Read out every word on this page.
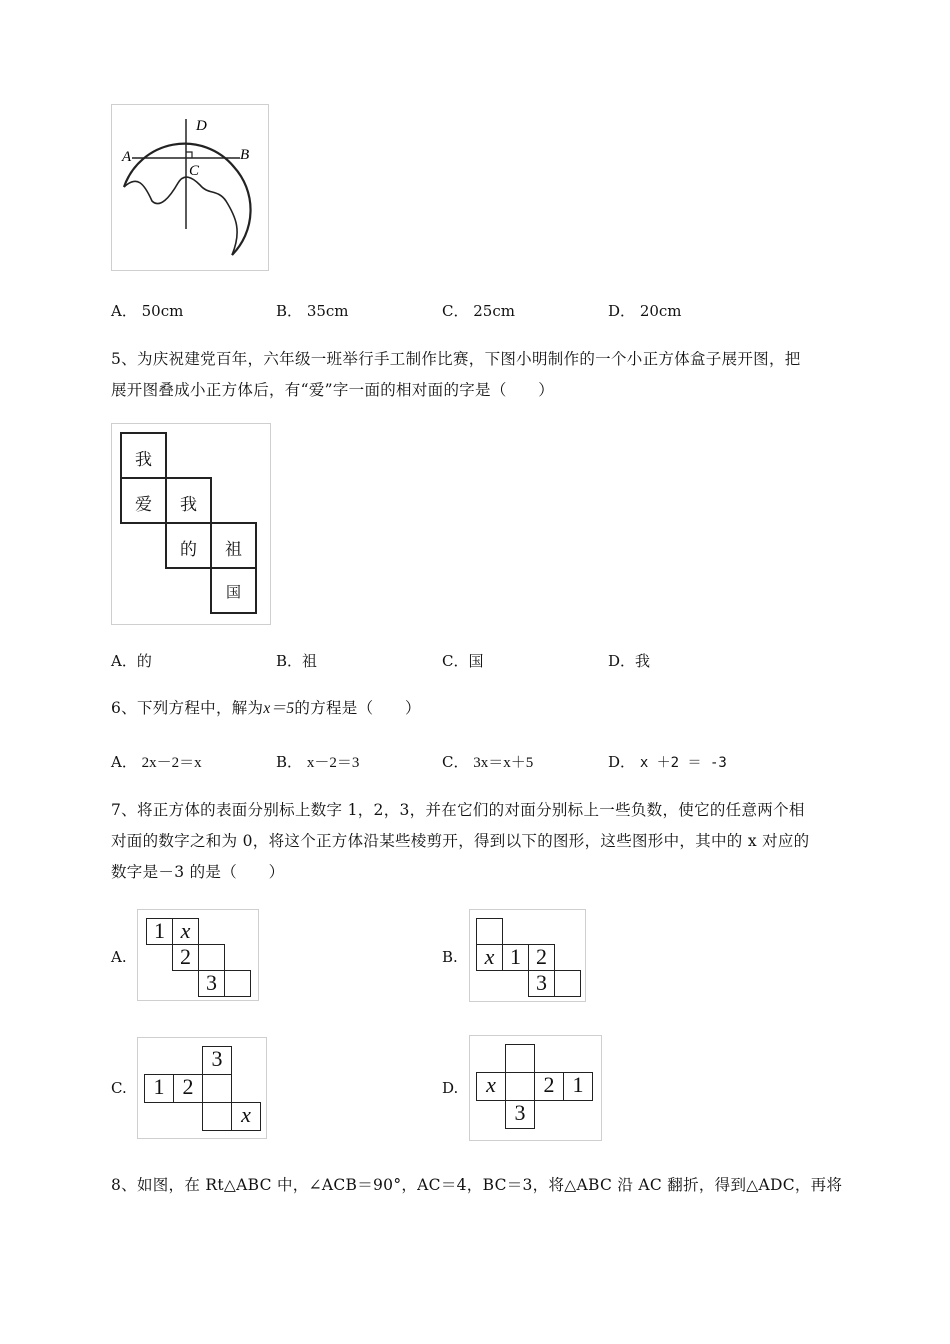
A	B
C
D
A． 50cm	B． 35cm	C． 25cm	D． 20cm
5、为庆祝建党百年，六年级一班举行手工制作比赛，下图小明制作的一个小正方体盒子展开图，把
展开图叠成小正方体后，有“爱”字一面的相对面的字是（　　）
我
爱	我
的	祖
国
A．的	B．祖	C．国	D．我
6、下列方程中，解为x＝5的方程是（　　）
A． 2x－2＝x	B． x－2＝3	C． 3x＝x＋5	D． x ＋2 ＝ -3
7、将正方体的表面分别标上数字 1，2，3，并在它们的对面分别标上一些负数，使它的任意两个相
对面的数字之和为 0，将这个正方体沿某些棱剪开，得到以下的图形，这些图形中，其中的 x 对应的
数字是－3 的是（　　）
A.
1 x
2
3
B.	x 1 2
3
C.
3
1 2
x
D.	x	2 1
3
8、如图，在 Rt△ABC 中，∠ACB＝90°，AC＝4，BC＝3，将△ABC 沿 AC 翻折，得到△ADC，再将
